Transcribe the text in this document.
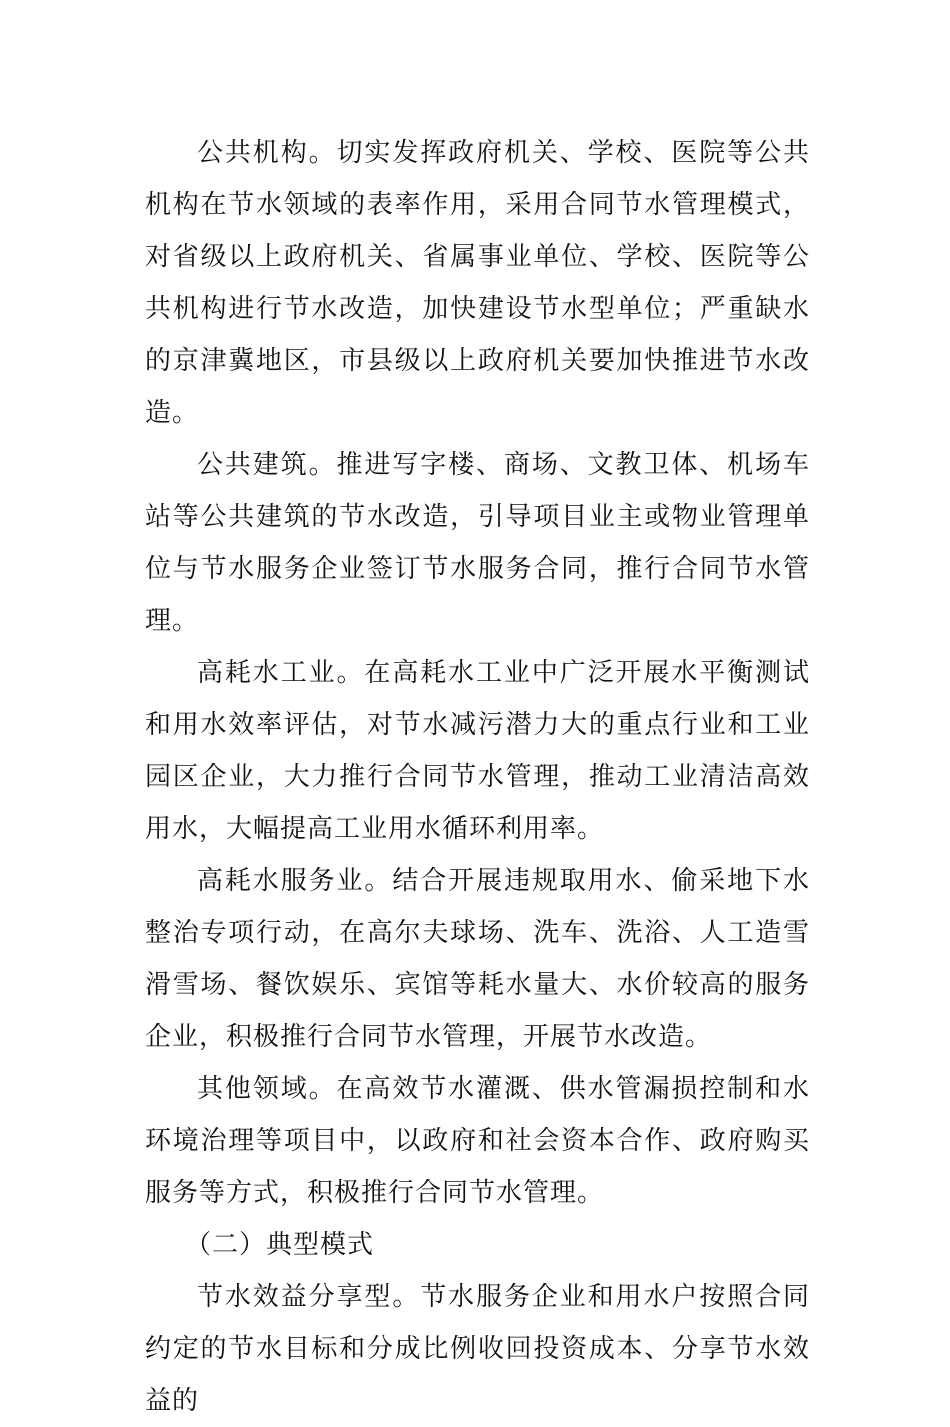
公共机构。切实发挥政府机关、学校、医院等公共机构在节水领域的表率作用，采用合同节水管理模式，对省级以上政府机关、省属事业单位、学校、医院等公共机构进行节水改造，加快建设节水型单位；严重缺水的京津冀地区，市县级以上政府机关要加快推进节水改造。

公共建筑。推进写字楼、商场、文教卫体、机场车站等公共建筑的节水改造，引导项目业主或物业管理单位与节水服务企业签订节水服务合同，推行合同节水管理。

高耗水工业。在高耗水工业中广泛开展水平衡测试和用水效率评估，对节水减污潜力大的重点行业和工业园区企业，大力推行合同节水管理，推动工业清洁高效用水，大幅提高工业用水循环利用率。

高耗水服务业。结合开展违规取用水、偷采地下水整治专项行动，在高尔夫球场、洗车、洗浴、人工造雪滑雪场、餐饮娱乐、宾馆等耗水量大、水价较高的服务企业，积极推行合同节水管理，开展节水改造。

其他领域。在高效节水灌溉、供水管漏损控制和水环境治理等项目中，以政府和社会资本合作、政府购买服务等方式，积极推行合同节水管理。

（二）典型模式

节水效益分享型。节水服务企业和用水户按照合同约定的节水目标和分成比例收回投资成本、分享节水效益的
